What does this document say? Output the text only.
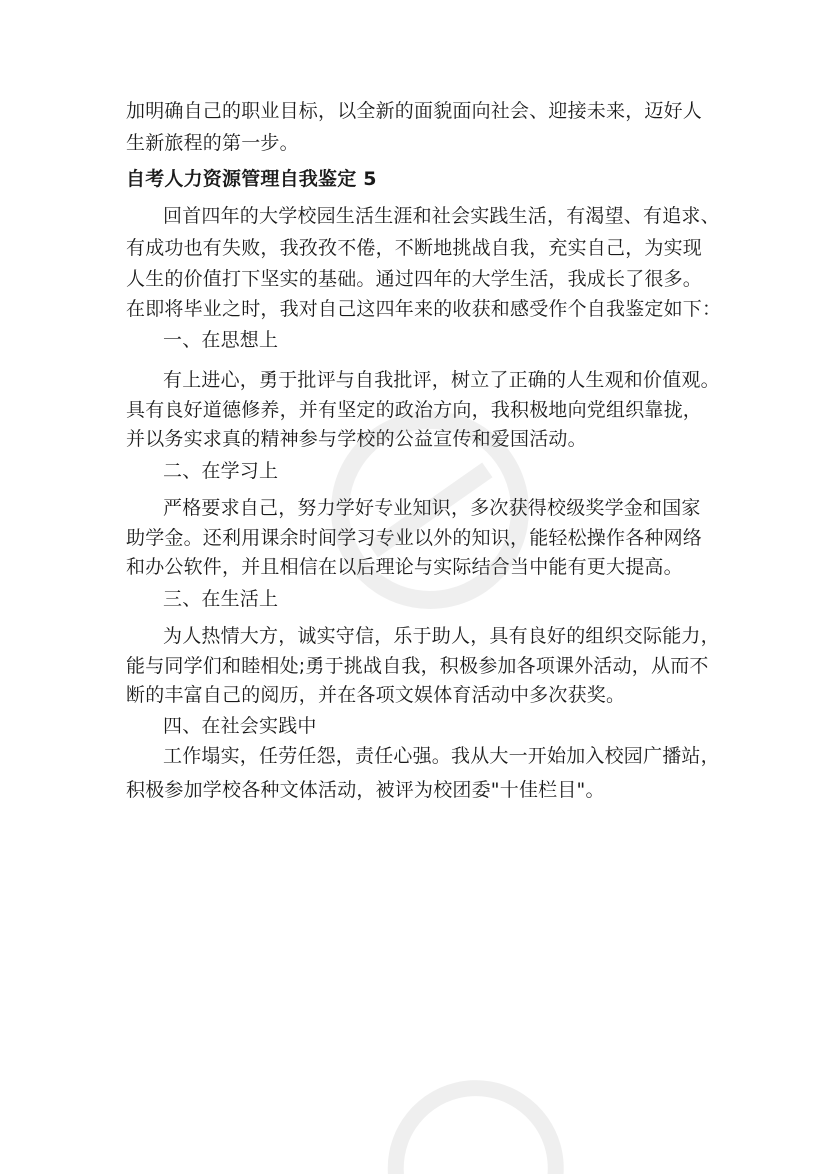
加明确自己的职业目标，以全新的面貌面向社会、迎接未来，迈好人
生新旅程的第一步。
自考人力资源管理自我鉴定 5
回首四年的大学校园生活生涯和社会实践生活，有渴望、有追求、
有成功也有失败，我孜孜不倦，不断地挑战自我，充实自己，为实现
人生的价值打下坚实的基础。通过四年的大学生活，我成长了很多。
在即将毕业之时，我对自己这四年来的收获和感受作个自我鉴定如下：
一、在思想上
有上进心，勇于批评与自我批评，树立了正确的人生观和价值观。
具有良好道德修养，并有坚定的政治方向，我积极地向党组织靠拢，
并以务实求真的精神参与学校的公益宣传和爱国活动。
二、在学习上
严格要求自己，努力学好专业知识，多次获得校级奖学金和国家
助学金。还利用课余时间学习专业以外的知识，能轻松操作各种网络
和办公软件，并且相信在以后理论与实际结合当中能有更大提高。
三、在生活上
为人热情大方，诚实守信，乐于助人，具有良好的组织交际能力，
能与同学们和睦相处;勇于挑战自我，积极参加各项课外活动，从而不
断的丰富自己的阅历，并在各项文娱体育活动中多次获奖。
四、在社会实践中
工作塌实，任劳任怨，责任心强。我从大一开始加入校园广播站，
积极参加学校各种文体活动，被评为校团委"十佳栏目"。
